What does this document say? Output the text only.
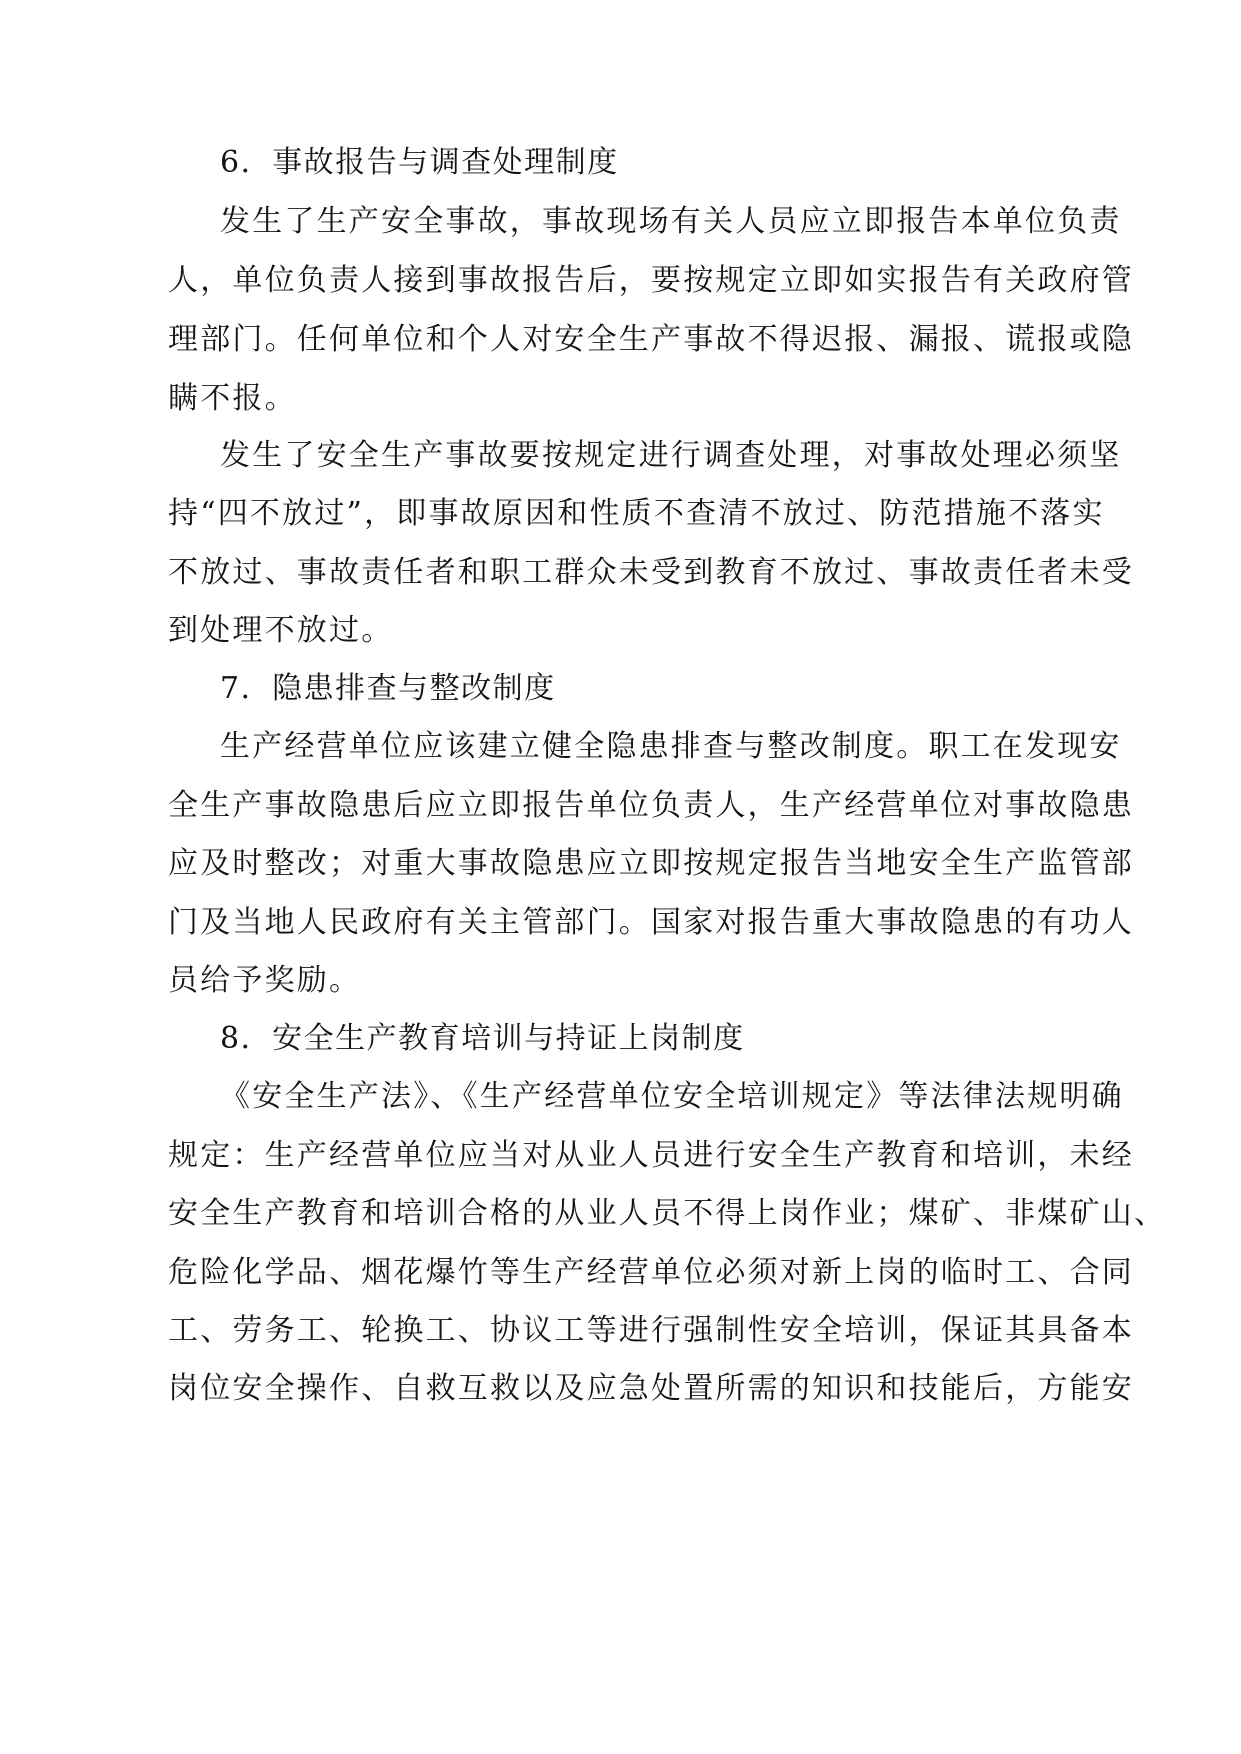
6．事故报告与调查处理制度
发生了生产安全事故，事故现场有关人员应立即报告本单位负责
人，单位负责人接到事故报告后，要按规定立即如实报告有关政府管
理部门。任何单位和个人对安全生产事故不得迟报、漏报、谎报或隐
瞒不报。
发生了安全生产事故要按规定进行调查处理，对事故处理必须坚
持“四不放过”，即事故原因和性质不查清不放过、防范措施不落实
不放过、事故责任者和职工群众未受到教育不放过、事故责任者未受
到处理不放过。
7．隐患排查与整改制度
生产经营单位应该建立健全隐患排查与整改制度。职工在发现安
全生产事故隐患后应立即报告单位负责人，生产经营单位对事故隐患
应及时整改；对重大事故隐患应立即按规定报告当地安全生产监管部
门及当地人民政府有关主管部门。国家对报告重大事故隐患的有功人
员给予奖励。
8．安全生产教育培训与持证上岗制度
《安全生产法》、《生产经营单位安全培训规定》等法律法规明确
规定：生产经营单位应当对从业人员进行安全生产教育和培训，未经
安全生产教育和培训合格的从业人员不得上岗作业；煤矿、非煤矿山、
危险化学品、烟花爆竹等生产经营单位必须对新上岗的临时工、合同
工、劳务工、轮换工、协议工等进行强制性安全培训，保证其具备本
岗位安全操作、自救互救以及应急处置所需的知识和技能后，方能安
